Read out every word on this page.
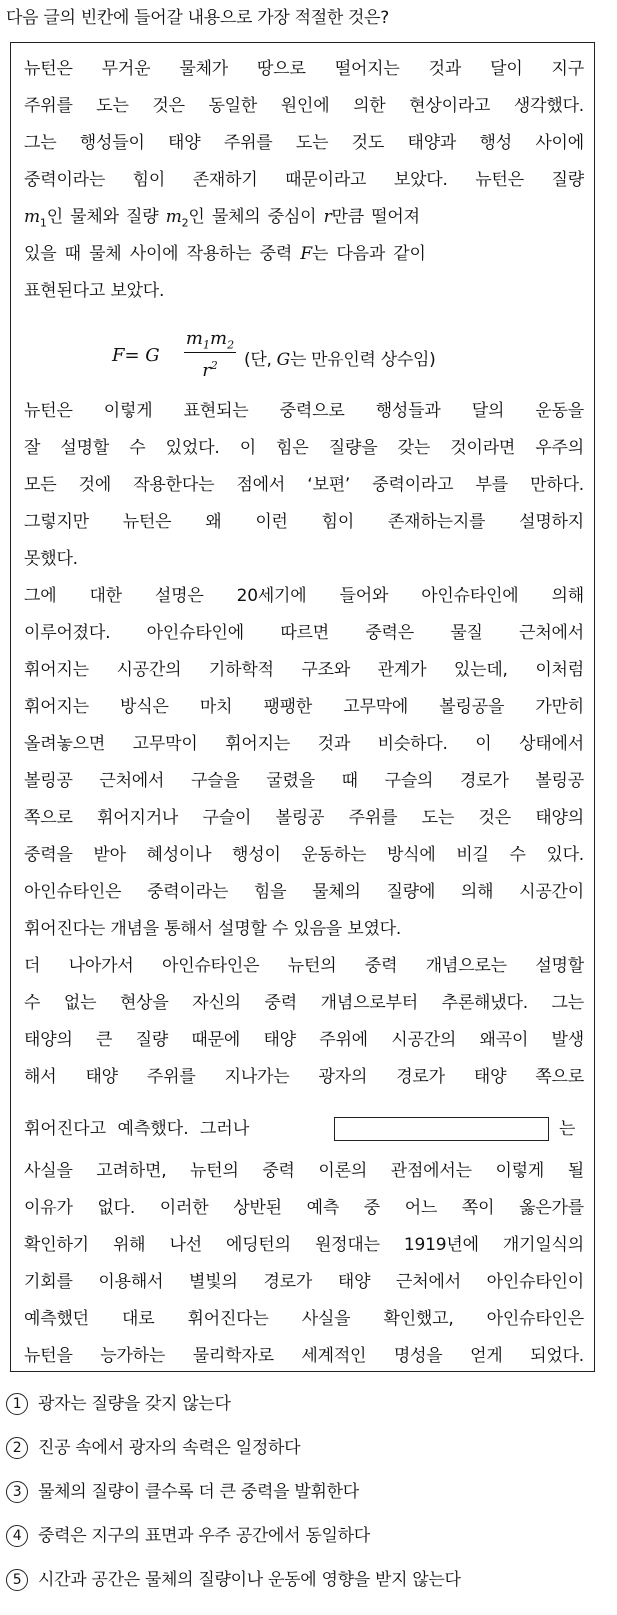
다음 글의 빈칸에 들어갈 내용으로 가장 적절한 것은?
뉴턴은 무거운 물체가 땅으로 떨어지는 것과 달이 지구
주위를 도는 것은 동일한 원인에 의한 현상이라고 생각했다.
그는 행성들이 태양 주위를 도는 것도 태양과 행성 사이에
중력이라는 힘이 존재하기 때문이라고 보았다. 뉴턴은 질량
$m_1$인 물체와 질량 $m_2$인 물체의 중심이 r만큼 떨어져
있을 때 물체 사이에 작용하는 중력 F는 다음과 같이
표현된다고 보았다.
F= G
$m_1m_2$
$r^2$	(단, G는 만유인력 상수임)
뉴턴은 이렇게 표현되는 중력으로 행성들과 달의 운동을
잘 설명할 수 있었다. 이 힘은 질량을 갖는 것이라면 우주의
모든 것에 작용한다는 점에서 ‘보편’ 중력이라고 부를 만하다.
그렇지만 뉴턴은 왜 이런 힘이 존재하는지를 설명하지
못했다.
그에 대한 설명은 20세기에 들어와 아인슈타인에 의해
이루어졌다. 아인슈타인에 따르면 중력은 물질 근처에서
휘어지는 시공간의 기하학적 구조와 관계가 있는데, 이처럼
휘어지는 방식은 마치 팽팽한 고무막에 볼링공을 가만히
올려놓으면 고무막이 휘어지는 것과 비슷하다. 이 상태에서
볼링공 근처에서 구슬을 굴렸을 때 구슬의 경로가 볼링공
쪽으로 휘어지거나 구슬이 볼링공 주위를 도는 것은 태양의
중력을 받아 혜성이나 행성이 운동하는 방식에 비길 수 있다.
아인슈타인은 중력이라는 힘을 물체의 질량에 의해 시공간이
휘어진다는 개념을 통해서 설명할 수 있음을 보였다.
더 나아가서 아인슈타인은 뉴턴의 중력 개념으로는 설명할
수 없는 현상을 자신의 중력 개념으로부터 추론해냈다. 그는
태양의 큰 질량 때문에 태양 주위에 시공간의 왜곡이 발생
해서 태양 주위를 지나가는 광자의 경로가 태양 쪽으로
휘어진다고 예측했다. 그러나	는
사실을 고려하면, 뉴턴의 중력 이론의 관점에서는 이렇게 될
이유가 없다. 이러한 상반된 예측 중 어느 쪽이 옳은가를
확인하기 위해 나선 에딩턴의 원정대는 1919년에 개기일식의
기회를 이용해서 별빛의 경로가 태양 근처에서 아인슈타인이
예측했던 대로 휘어진다는 사실을 확인했고, 아인슈타인은
뉴턴을 능가하는 물리학자로 세계적인 명성을 얻게 되었다.
1 광자는 질량을 갖지 않는다
2 진공 속에서 광자의 속력은 일정하다
3 물체의 질량이 클수록 더 큰 중력을 발휘한다
4 중력은 지구의 표면과 우주 공간에서 동일하다
5 시간과 공간은 물체의 질량이나 운동에 영향을 받지 않는다
